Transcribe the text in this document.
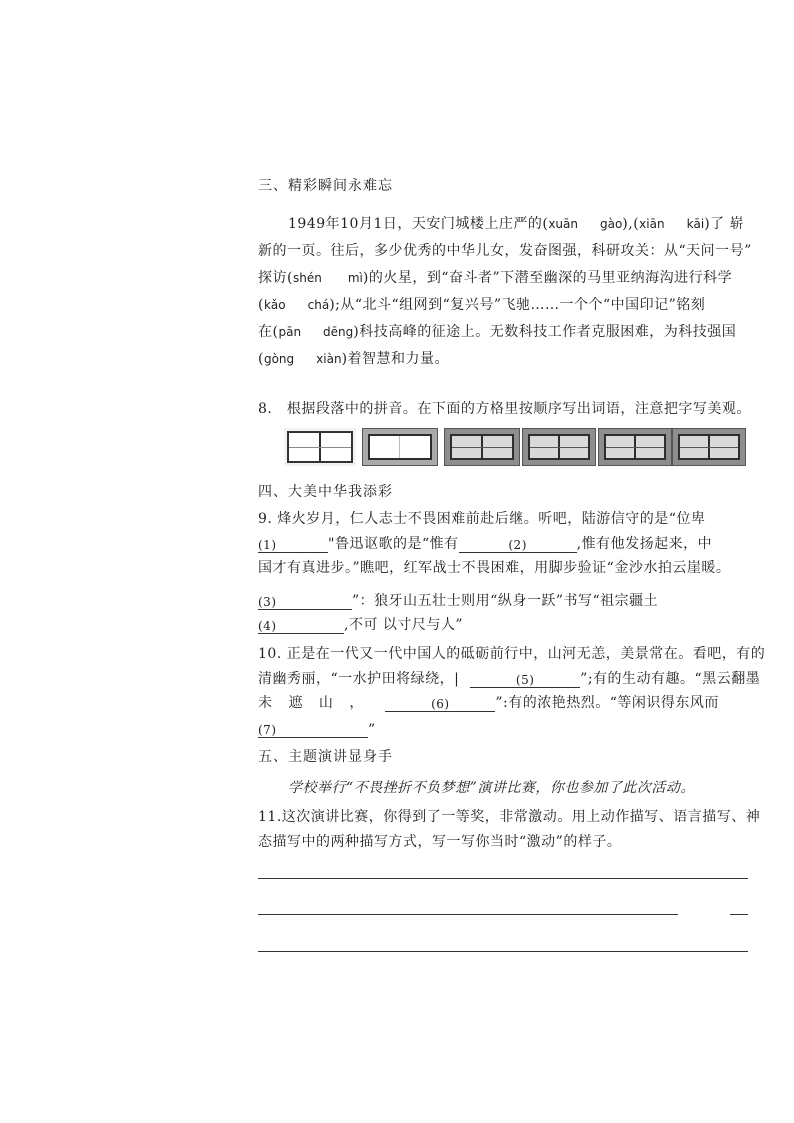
三、精彩瞬间永难忘
1949年10月1日，天安门城楼上庄严的(xuān gào),(xiān kāi)了 崭
新的一页。往后，多少优秀的中华儿女，发奋图强，科研攻关：从“天问一号”
探访(shén mì)的火星，到“奋斗者”下潜至幽深的马里亚纳海沟进行科学
(kǎo chá);从“北斗“组网到“复兴号”飞驰……一个个“中国印记”铭刻
在(pān dēng)科技高峰的征途上。无数科技工作者克服困难，为科技强国
(gòng xiàn)着智慧和力量。
8.　根据段落中的拼音。在下面的方格里按顺序写出词语，注意把字写美观。
四、大美中华我添彩
9. 烽火岁月，仁人志士不畏困难前赴后继。听吧，陆游信守的是“位卑
(1)	"鲁迅讴歌的是“惟有	(2)	,惟有他发扬起来，中
国才有真进步。”瞧吧，红军战士不畏困难，用脚步验证“金沙水拍云崖暖。
(3)	”：狼牙山五壮士则用“纵身一跃”书写“祖宗疆土
(4)	,不可 以寸尺与人”
10. 正是在一代又一代中国人的砥砺前行中，山河无恙，美景常在。看吧，有的
清幽秀丽，“一水护田将绿绕，|	(5)	”;有的生动有趣。“黑云翻墨
未 遮 山 ，	(6)	”:有的浓艳热烈。“等闲识得东风而
(7)	”
五、主题演讲显身手
学校举行“不畏挫折不负梦想”演讲比赛，你也参加了此次活动。
11.这次演讲比赛，你得到了一等奖，非常激动。用上动作描写、语言描写、神
态描写中的两种描写方式，写一写你当时“激动”的样子。
